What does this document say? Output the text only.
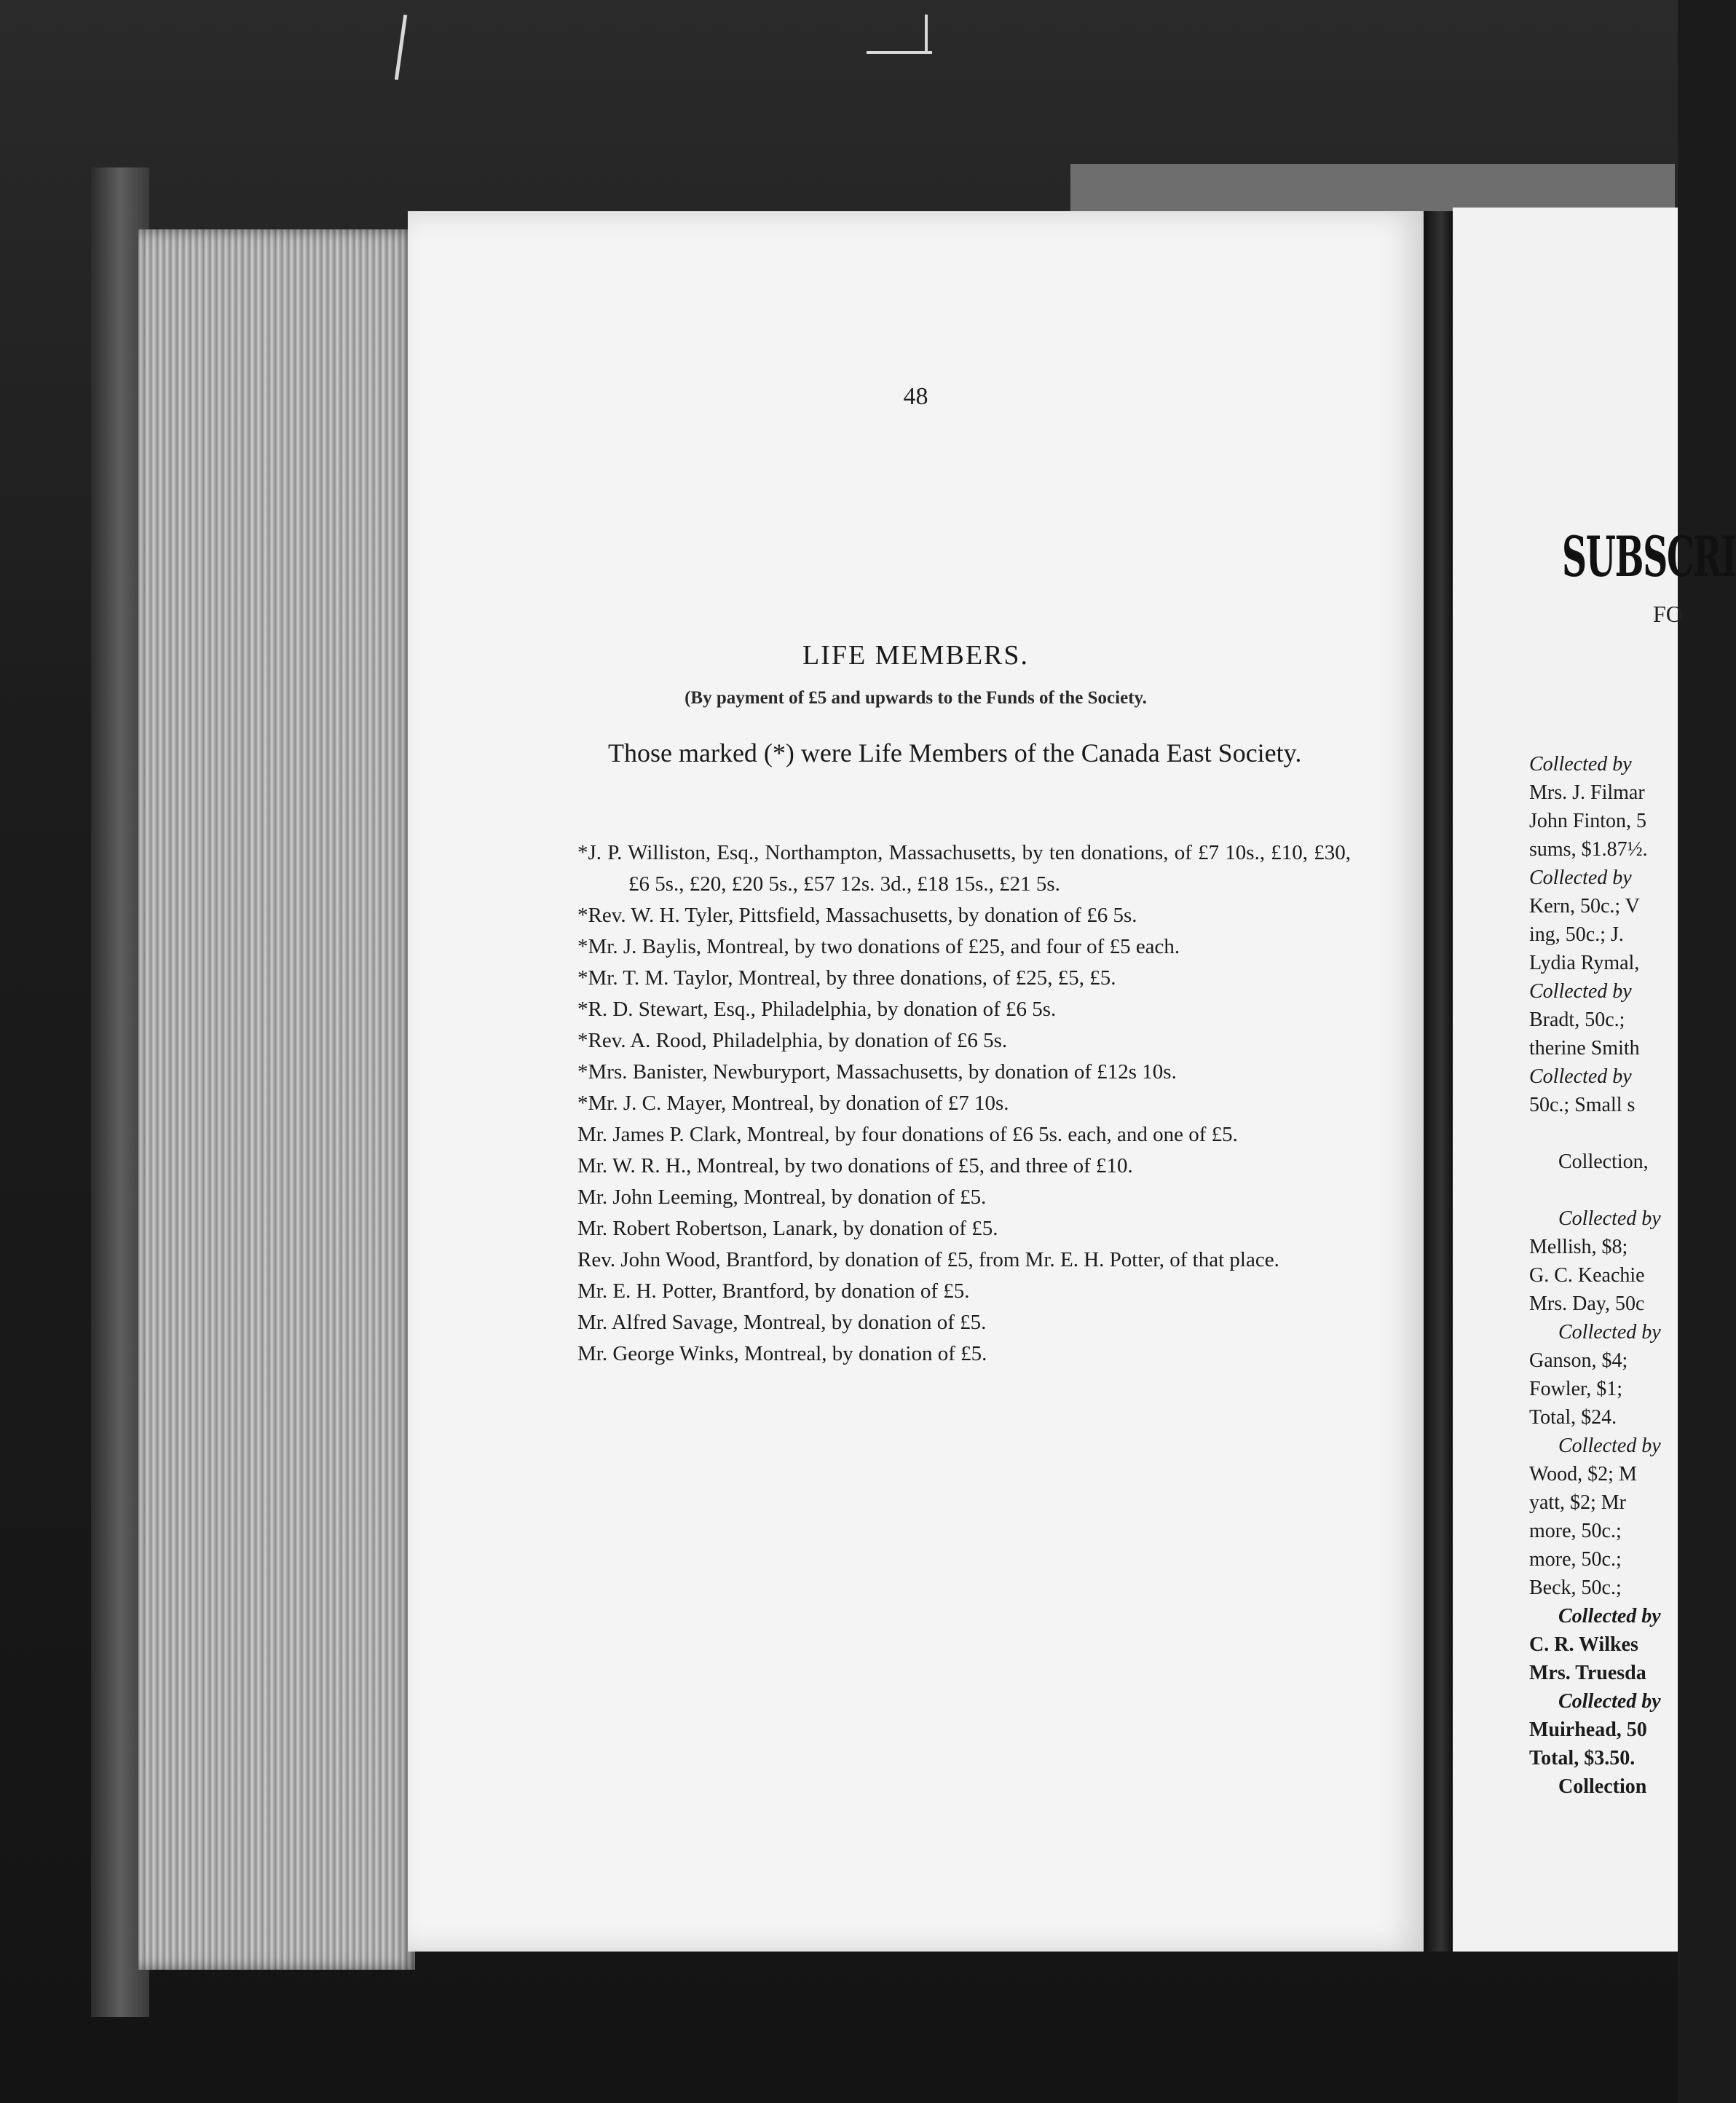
48
LIFE MEMBERS.
(By payment of £5 and upwards to the Funds of the Society.
Those marked (*) were Life Members of the Canada East Society.
*J. P. Williston, Esq., Northampton, Massachusetts, by ten donations, of £7 10s., £10, £30, £6 5s., £20, £20 5s., £57 12s. 3d., £18 15s., £21 5s.
*Rev. W. H. Tyler, Pittsfield, Massachusetts, by donation of £6 5s.
*Mr. J. Baylis, Montreal, by two donations of £25, and four of £5 each.
*Mr. T. M. Taylor, Montreal, by three donations, of £25, £5, £5.
*R. D. Stewart, Esq., Philadelphia, by donation of £6 5s.
*Rev. A. Rood, Philadelphia, by donation of £6 5s.
*Mrs. Banister, Newburyport, Massachusetts, by donation of £12s 10s.
*Mr. J. C. Mayer, Montreal, by donation of £7 10s.
Mr. James P. Clark, Montreal, by four donations of £6 5s. each, and one of £5.
Mr. W. R. H., Montreal, by two donations of £5, and three of £10.
Mr. John Leeming, Montreal, by donation of £5.
Mr. Robert Robertson, Lanark, by donation of £5.
Rev. John Wood, Brantford, by donation of £5, from Mr. E. H. Potter, of that place.
Mr. E. H. Potter, Brantford, by donation of £5.
Mr. Alfred Savage, Montreal, by donation of £5.
Mr. George Winks, Montreal, by donation of £5.
SUBSCRI
FO
Collected by
Mrs. J. Filmar
John Finton, 5
sums, $1.87½.
Collected by
Kern, 50c.; V
ing, 50c.; J.
Lydia Rymal,
Collected by
Bradt, 50c.;
therine Smith
Collected by
50c.; Small s
Collection,
Collected by
Mellish, $8;
G. C. Keachie
Mrs. Day, 50c
Collected by
Ganson, $4;
Fowler, $1;
Total, $24.
Collected by
Wood, $2; M
yatt, $2; Mr
more, 50c.;
more, 50c.;
Beck, 50c.;
Collected by
C. R. Wilkes
Mrs. Truesda
Collected by
Muirhead, 50
Total, $3.50.
Collection
